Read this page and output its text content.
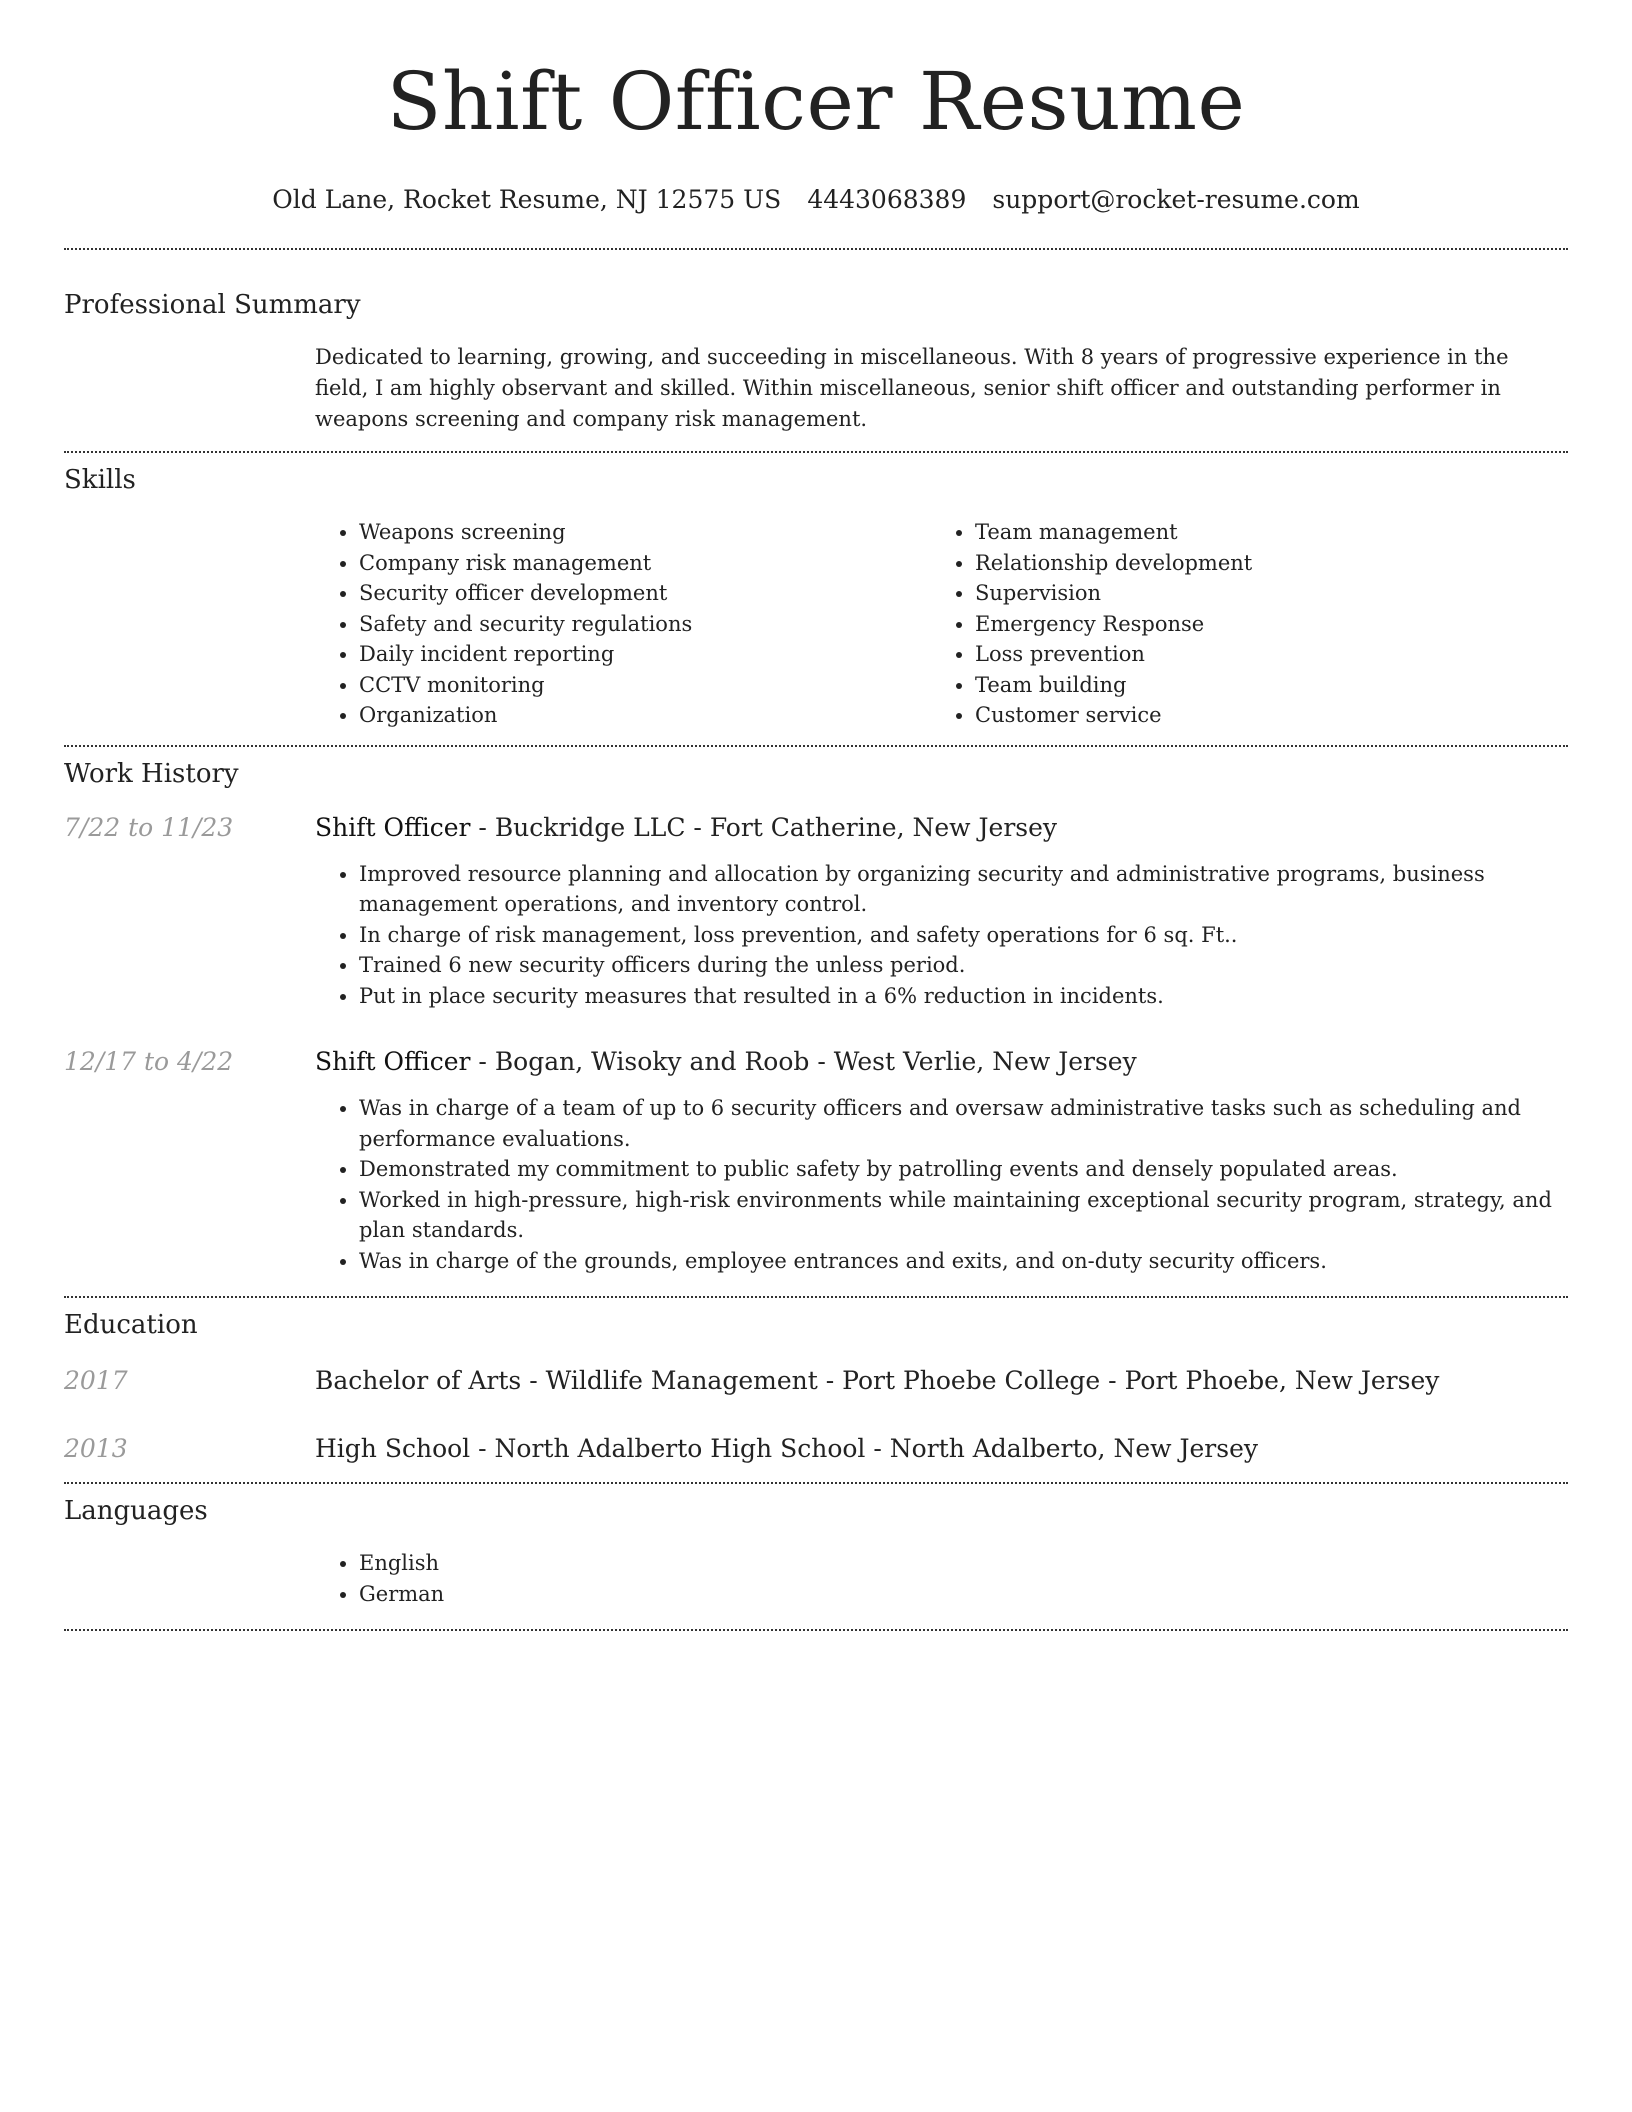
Shift Officer Resume
Old Lane, Rocket Resume, NJ 12575 US 4443068389 support@rocket-resume.com
Professional Summary

Dedicated to learning, growing, and succeeding in miscellaneous. With 8 years of progressive experience in the field, I am highly observant and skilled. Within miscellaneous, senior shift officer and outstanding performer in weapons screening and company risk management.

Skills
• Weapons screening
• Company risk management
• Security officer development
• Safety and security regulations
• Daily incident reporting
• CCTV monitoring
• Organization
• Team management
• Relationship development
• Supervision
• Emergency Response
• Loss prevention
• Team building
• Customer service
Work History
7/22 to 11/23	Shift Officer - Buckridge LLC - Fort Catherine, New Jersey
• Improved resource planning and allocation by organizing security and administrative programs, business management operations, and inventory control.
• In charge of risk management, loss prevention, and safety operations for 6 sq. Ft..
• Trained 6 new security officers during the unless period.
• Put in place security measures that resulted in a 6% reduction in incidents.
12/17 to 4/22	Shift Officer - Bogan, Wisoky and Roob - West Verlie, New Jersey
• Was in charge of a team of up to 6 security officers and oversaw administrative tasks such as scheduling and performance evaluations.
• Demonstrated my commitment to public safety by patrolling events and densely populated areas.
• Worked in high-pressure, high-risk environments while maintaining exceptional security program, strategy, and plan standards.
• Was in charge of the grounds, employee entrances and exits, and on-duty security officers.
Education
2017	Bachelor of Arts - Wildlife Management - Port Phoebe College - Port Phoebe, New Jersey
2013	High School - North Adalberto High School - North Adalberto, New Jersey
Languages
• English
• German
